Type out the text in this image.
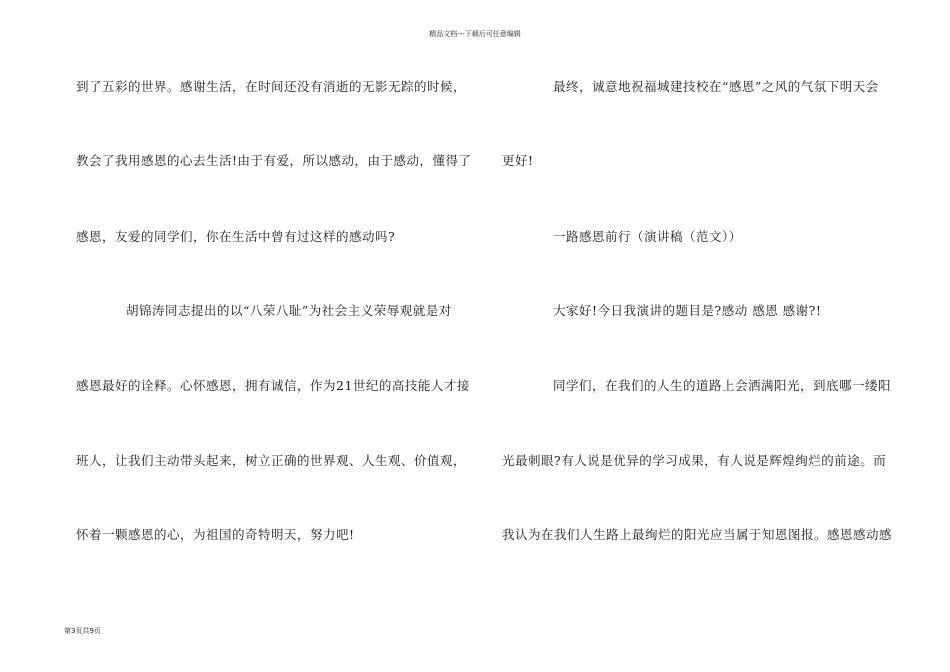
精品文档---下载后可任意编辑
到了五彩的世界。感谢生活，在时间还没有消逝的无影无踪的时候，
教会了我用感恩的心去生活!由于有爱，所以感动，由于感动，懂得了
感恩，友爱的同学们，你在生活中曾有过这样的感动吗?
胡锦涛同志提出的以“八荣八耻”为社会主义荣辱观就是对
感恩最好的诠释。心怀感恩，拥有诚信，作为21世纪的高技能人才接
班人，让我们主动带头起来，树立正确的世界观、人生观、价值观，
怀着一颗感恩的心，为祖国的奇特明天，努力吧!
最终，诚意地祝福城建技校在“感恩”之风的气氛下明天会
更好!
一路感恩前行（演讲稿（范文））
大家好!今日我演讲的题目是?感动 感恩 感谢?!
同学们，在我们的人生的道路上会洒满阳光，到底哪一缕阳
光最刺眼?有人说是优异的学习成果，有人说是辉煌绚烂的前途。而
我认为在我们人生路上最绚烂的阳光应当属于知恩图报。感恩感动感
第3页共9页
